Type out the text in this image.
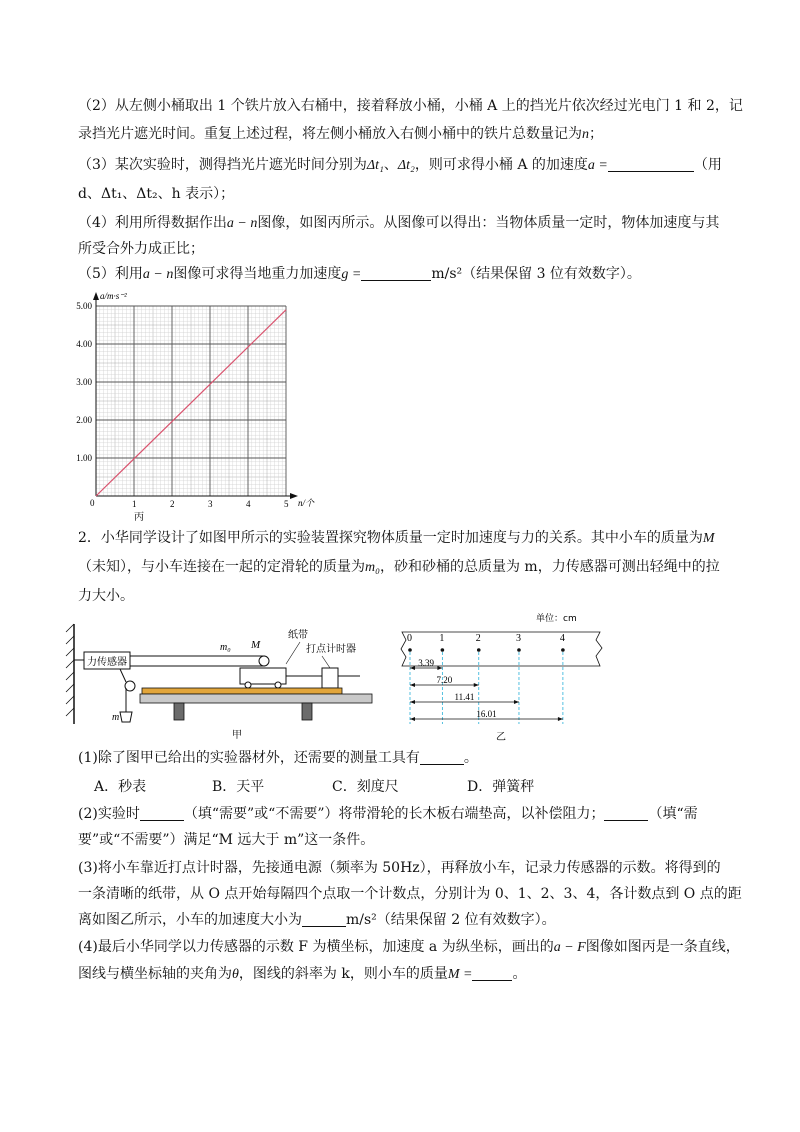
（2）从左侧小桶取出 1 个铁片放入右桶中，接着释放小桶，小桶 A 上的挡光片依次经过光电门 1 和 2，记
录挡光片遮光时间。重复上述过程，将左侧小桶放入右侧小桶中的铁片总数量记为n；
（3）某次实验时，测得挡光片遮光时间分别为Δt₁、Δt₂，则可求得小桶 A 的加速度a =	（用
d、Δt₁、Δt₂、h 表示）；
（4）利用所得数据作出a − n图像，如图丙所示。从图像可以得出：当物体质量一定时，物体加速度与其
所受合外力成正比；
（5）利用a − n图像可求得当地重力加速度g =	m/s²（结果保留 3 位有效数字）。
a/m·s⁻²
n/个
0
1.00
2.00
3.00
4.00
5.00
1	2	3	4	5
丙
2．小华同学设计了如图甲所示的实验装置探究物体质量一定时加速度与力的关系。其中小车的质量为M
（未知），与小车连接在一起的定滑轮的质量为m₀，砂和砂桶的总质量为 m，力传感器可测出轻绳中的拉
力大小。
力传感器
m
m₀ M
纸带
打点计时器
甲
单位：cm
0	1	2	3	4
3.39
7.20
11.41
16.01
乙
(1)除了图甲已给出的实验器材外，还需要的测量工具有	。
A．秒表	B．天平	C．刻度尺	D．弹簧秤
(2)实验时	（填“需要”或“不需要”）将带滑轮的长木板右端垫高，以补偿阻力；	（填“需
要”或“不需要”）满足“M 远大于 m”这一条件。
(3)将小车靠近打点计时器，先接通电源（频率为 50Hz），再释放小车，记录力传感器的示数。将得到的
一条清晰的纸带，从 O 点开始每隔四个点取一个计数点，分别计为 0、1、2、3、4，各计数点到 O 点的距
离如图乙所示，小车的加速度大小为	m/s²（结果保留 2 位有效数字）。
(4)最后小华同学以力传感器的示数 F 为横坐标，加速度 a 为纵坐标，画出的a − F图像如图丙是一条直线，
图线与横坐标轴的夹角为θ，图线的斜率为 k，则小车的质量M =	。
